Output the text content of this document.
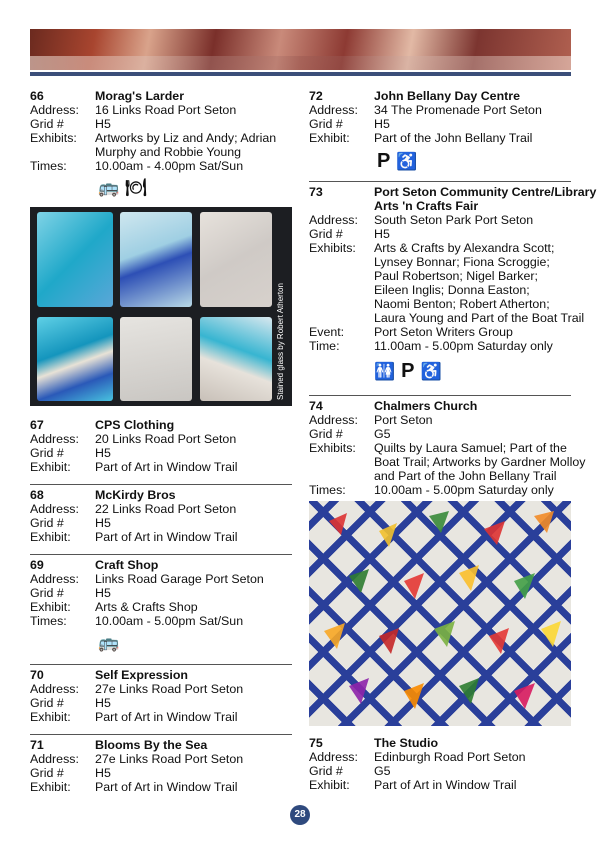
Stained glass by Robert Atherton
66	Morag's Larder
Address: 16 Links Road Port Seton
Grid #	H5
Exhibits: Artworks by Liz and Andy; Adrian
Murphy and Robbie Young
Times: 10.00am - 4.00pm Sat/Sun
🚌 🍽
67	CPS Clothing
Address: 20 Links Road Port Seton
Grid #	H5
Exhibit: Part of Art in Window Trail
68	McKirdy Bros
Address: 22 Links Road Port Seton
Grid #	H5
Exhibit: Part of Art in Window Trail
69	Craft Shop
Address: Links Road Garage Port Seton
Grid #	H5
Exhibit: Arts & Crafts Shop
Times: 10.00am - 5.00pm Sat/Sun
🚌
70	Self Expression
Address: 27e Links Road Port Seton
Grid #	H5
Exhibit: Part of Art in Window Trail
71	Blooms By the Sea
Address: 27e Links Road Port Seton
Grid #	H5
Exhibit: Part of Art in Window Trail
72	John Bellany Day Centre
Address: 34 The Promenade Port Seton
Grid #	H5
Exhibit: Part of the John Bellany Trail
P ♿
73	Port Seton Community Centre/Library
Arts 'n Crafts Fair
Address: South Seton Park Port Seton
Grid #	H5
Exhibits: Arts & Crafts by Alexandra Scott;
Lynsey Bonnar; Fiona Scroggie;
Paul Robertson; Nigel Barker;
Eileen Inglis; Donna Easton;
Naomi Benton; Robert Atherton;
Laura Young and Part of the Boat Trail
Event: Port Seton Writers Group
Time:	11.00am - 5.00pm Saturday only
🚻 P ♿
74	Chalmers Church
Address: Port Seton
Grid #	G5
Exhibits: Quilts by Laura Samuel; Part of the
Boat Trail; Artworks by Gardner Molloy
and Part of the John Bellany Trail
Times: 10.00am - 5.00pm Saturday only
75	The Studio
Address: Edinburgh Road Port Seton
Grid #	G5
Exhibit: Part of Art in Window Trail
28
